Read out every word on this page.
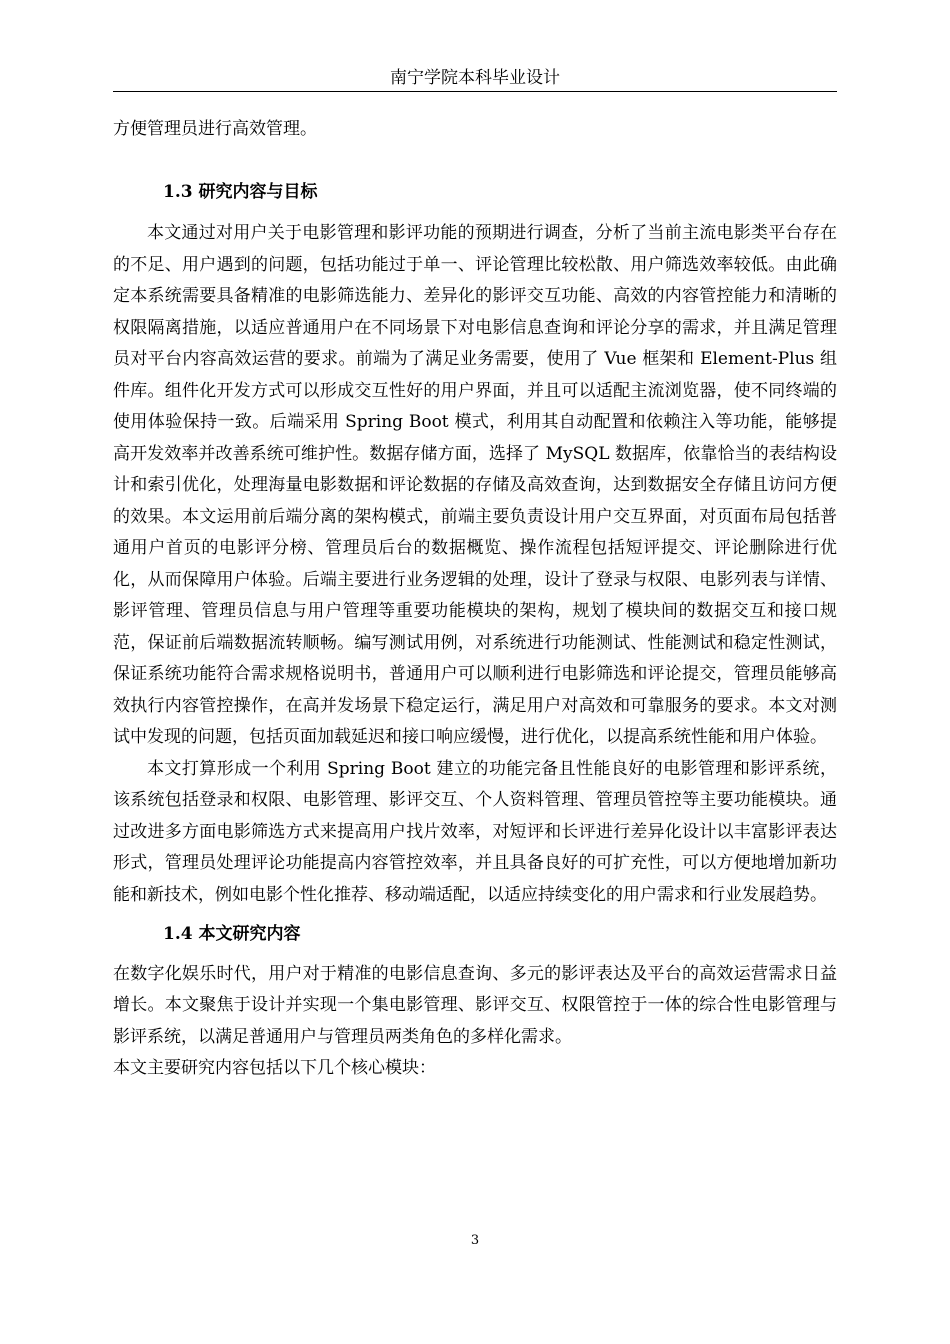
南宁学院本科毕业设计

方便管理员进行高效管理。

1.3 研究内容与目标

本文通过对用户关于电影管理和影评功能的预期进行调查，分析了当前主流电影类平台存在的不足、用户遇到的问题，包括功能过于单一、评论管理比较松散、用户筛选效率较低。由此确定本系统需要具备精准的电影筛选能力、差异化的影评交互功能、高效的内容管控能力和清晰的权限隔离措施，以适应普通用户在不同场景下对电影信息查询和评论分享的需求，并且满足管理员对平台内容高效运营的要求。前端为了满足业务需要，使用了 Vue 框架和 Element-Plus 组件库。组件化开发方式可以形成交互性好的用户界面，并且可以适配主流浏览器，使不同终端的使用体验保持一致。后端采用 Spring Boot 模式，利用其自动配置和依赖注入等功能，能够提高开发效率并改善系统可维护性。数据存储方面，选择了 MySQL 数据库，依靠恰当的表结构设计和索引优化，处理海量电影数据和评论数据的存储及高效查询，达到数据安全存储且访问方便的效果。本文运用前后端分离的架构模式，前端主要负责设计用户交互界面，对页面布局包括普通用户首页的电影评分榜、管理员后台的数据概览、操作流程包括短评提交、评论删除进行优化，从而保障用户体验。后端主要进行业务逻辑的处理，设计了登录与权限、电影列表与详情、影评管理、管理员信息与用户管理等重要功能模块的架构，规划了模块间的数据交互和接口规范，保证前后端数据流转顺畅。编写测试用例，对系统进行功能测试、性能测试和稳定性测试，保证系统功能符合需求规格说明书，普通用户可以顺利进行电影筛选和评论提交，管理员能够高效执行内容管控操作，在高并发场景下稳定运行，满足用户对高效和可靠服务的要求。本文对测试中发现的问题，包括页面加载延迟和接口响应缓慢，进行优化，以提高系统性能和用户体验。

本文打算形成一个利用 Spring Boot 建立的功能完备且性能良好的电影管理和影评系统，该系统包括登录和权限、电影管理、影评交互、个人资料管理、管理员管控等主要功能模块。通过改进多方面电影筛选方式来提高用户找片效率，对短评和长评进行差异化设计以丰富影评表达形式，管理员处理评论功能提高内容管控效率，并且具备良好的可扩充性，可以方便地增加新功能和新技术，例如电影个性化推荐、移动端适配，以适应持续变化的用户需求和行业发展趋势。

1.4 本文研究内容

在数字化娱乐时代，用户对于精准的电影信息查询、多元的影评表达及平台的高效运营需求日益增长。本文聚焦于设计并实现一个集电影管理、影评交互、权限管控于一体的综合性电影管理与影评系统，以满足普通用户与管理员两类角色的多样化需求。

本文主要研究内容包括以下几个核心模块：

3
